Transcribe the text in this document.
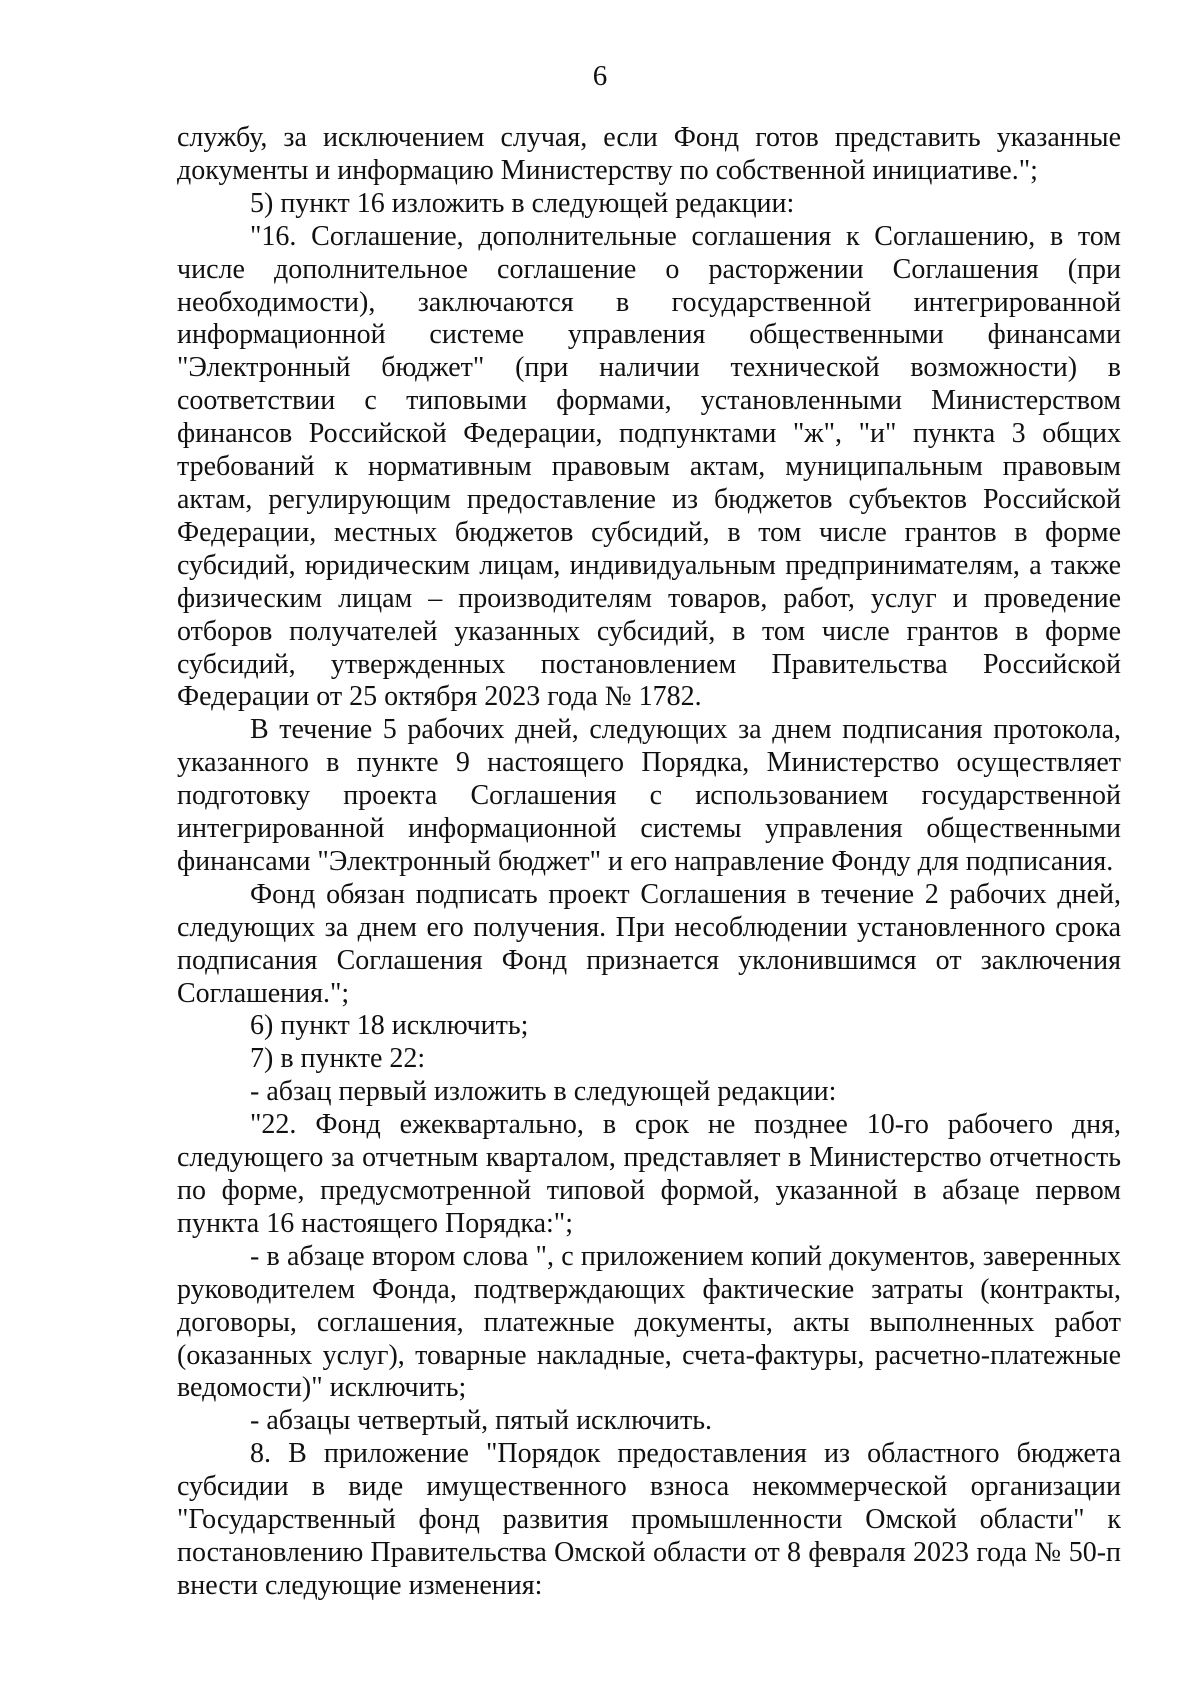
6

службу, за исключением случая, если Фонд готов представить указанные документы и информацию Министерству по собственной инициативе.";

5) пункт 16 изложить в следующей редакции:

"16. Соглашение, дополнительные соглашения к Соглашению, в том числе дополнительное соглашение о расторжении Соглашения (при необходимости), заключаются в государственной интегрированной информационной системе управления общественными финансами "Электронный бюджет" (при наличии технической возможности) в соответствии с типовыми формами, установленными Министерством финансов Российской Федерации, подпунктами "ж", "и" пункта 3 общих требований к нормативным правовым актам, муниципальным правовым актам, регулирующим предоставление из бюджетов субъектов Российской Федерации, местных бюджетов субсидий, в том числе грантов в форме субсидий, юридическим лицам, индивидуальным предпринимателям, а также физическим лицам – производителям товаров, работ, услуг и проведение отборов получателей указанных субсидий, в том числе грантов в форме субсидий, утвержденных постановлением Правительства Российской Федерации от 25 октября 2023 года № 1782.

В течение 5 рабочих дней, следующих за днем подписания протокола, указанного в пункте 9 настоящего Порядка, Министерство осуществляет подготовку проекта Соглашения с использованием государственной интегрированной информационной системы управления общественными финансами "Электронный бюджет" и его направление Фонду для подписания.

Фонд обязан подписать проект Соглашения в течение 2 рабочих дней, следующих за днем его получения. При несоблюдении установленного срока подписания Соглашения Фонд признается уклонившимся от заключения Соглашения.";

6) пункт 18 исключить;

7) в пункте 22:

- абзац первый изложить в следующей редакции:

"22. Фонд ежеквартально, в срок не позднее 10-го рабочего дня, следующего за отчетным кварталом, представляет в Министерство отчетность по форме, предусмотренной типовой формой, указанной в абзаце первом пункта 16 настоящего Порядка:";

- в абзаце втором слова ", с приложением копий документов, заверенных руководителем Фонда, подтверждающих фактические затраты (контракты, договоры, соглашения, платежные документы, акты выполненных работ (оказанных услуг), товарные накладные, счета-фактуры, расчетно-платежные ведомости)" исключить;

- абзацы четвертый, пятый исключить.

8. В приложение "Порядок предоставления из областного бюджета субсидии в виде имущественного взноса некоммерческой организации "Государственный фонд развития промышленности Омской области" к постановлению Правительства Омской области от 8 февраля 2023 года № 50-п внести следующие изменения:
